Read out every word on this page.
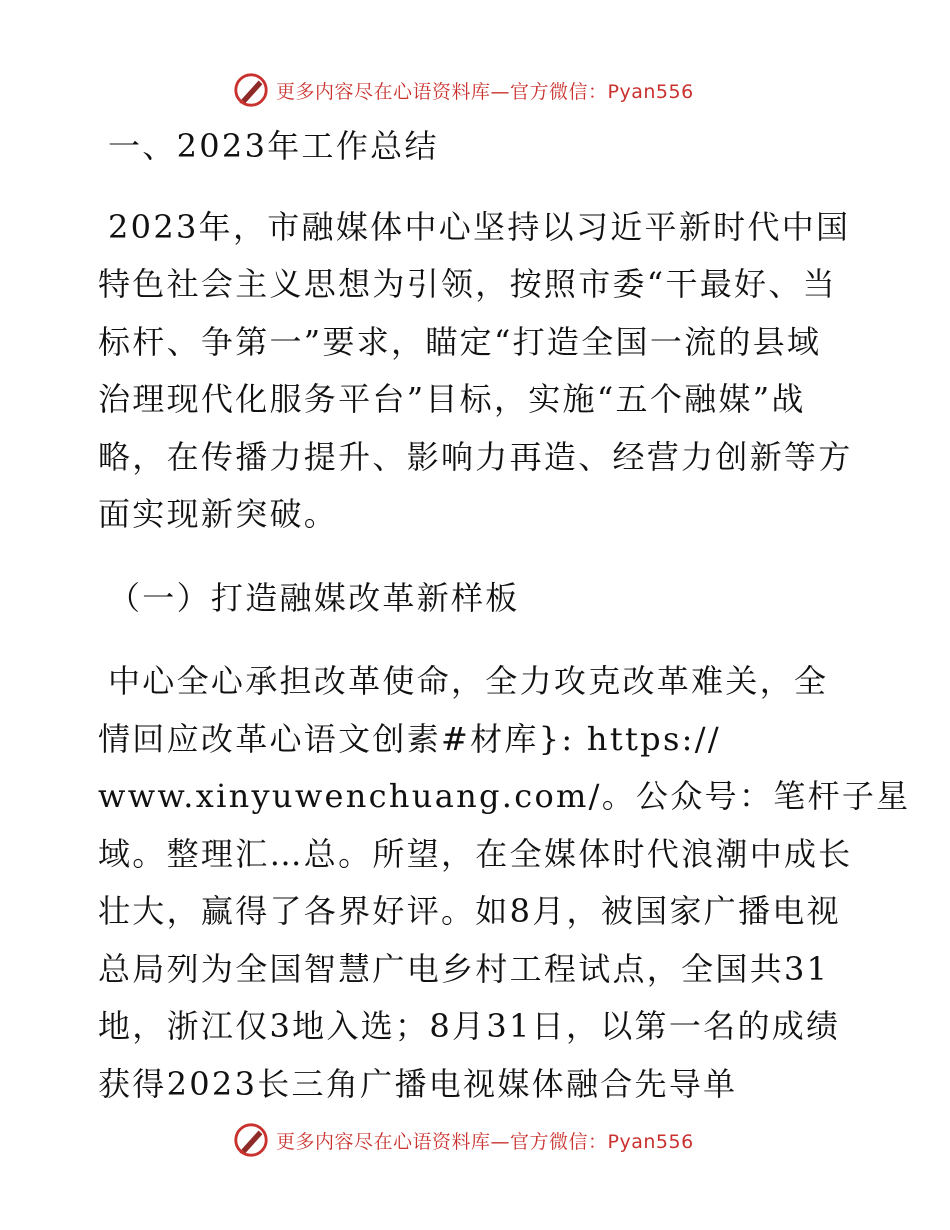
更多内容尽在心语资料库—官方微信：Pyan556
一、2023年工作总结
2023年，市融媒体中心坚持以习近平新时代中国
特色社会主义思想为引领，按照市委“干最好、当
标杆、争第一”要求，瞄定“打造全国一流的县域
治理现代化服务平台”目标，实施“五个融媒”战
略，在传播力提升、影响力再造、经营力创新等方
面实现新突破。
（一）打造融媒改革新样板
中心全心承担改革使命，全力攻克改革难关，全
情回应改革心语文创素#材库}: https://
www.xinyuwenchuang.com/。公众号：笔杆子星
域。整理汇…总。所望，在全媒体时代浪潮中成长
壮大，赢得了各界好评。如8月，被国家广播电视
总局列为全国智慧广电乡村工程试点，全国共31
地，浙江仅3地入选；8月31日，以第一名的成绩
获得2023长三角广播电视媒体融合先导单
更多内容尽在心语资料库—官方微信：Pyan556
